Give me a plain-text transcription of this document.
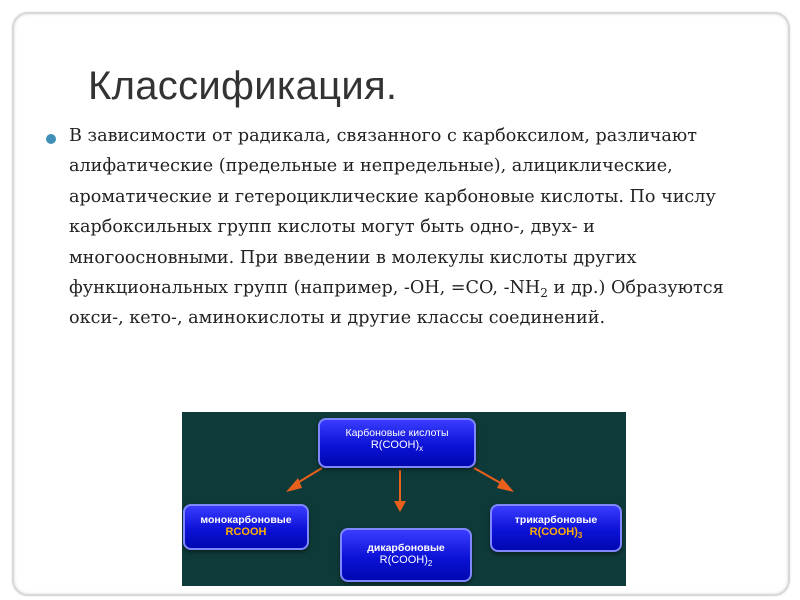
Классификация.
В зависимости от радикала, связанного с карбоксилом, различают алифатические (предельные и непредельные), алициклические, ароматические и гетероциклические карбоновые кислоты. По числу карбоксильных групп кислоты могут быть одно-, двух- и многоосновными. При введении в молекулы кислоты других функциональных групп (например, -OH, =CO, $-NH_2$ и др.) Образуются окси-, кето-, аминокислоты и другие классы соединений.
Карбоновые кислоты
$R(COOH)_x$
монокарбоновые
RCOOH
дикарбоновые
$R(COOH)_2$
трикарбоновые
$R(COOH)_3$
